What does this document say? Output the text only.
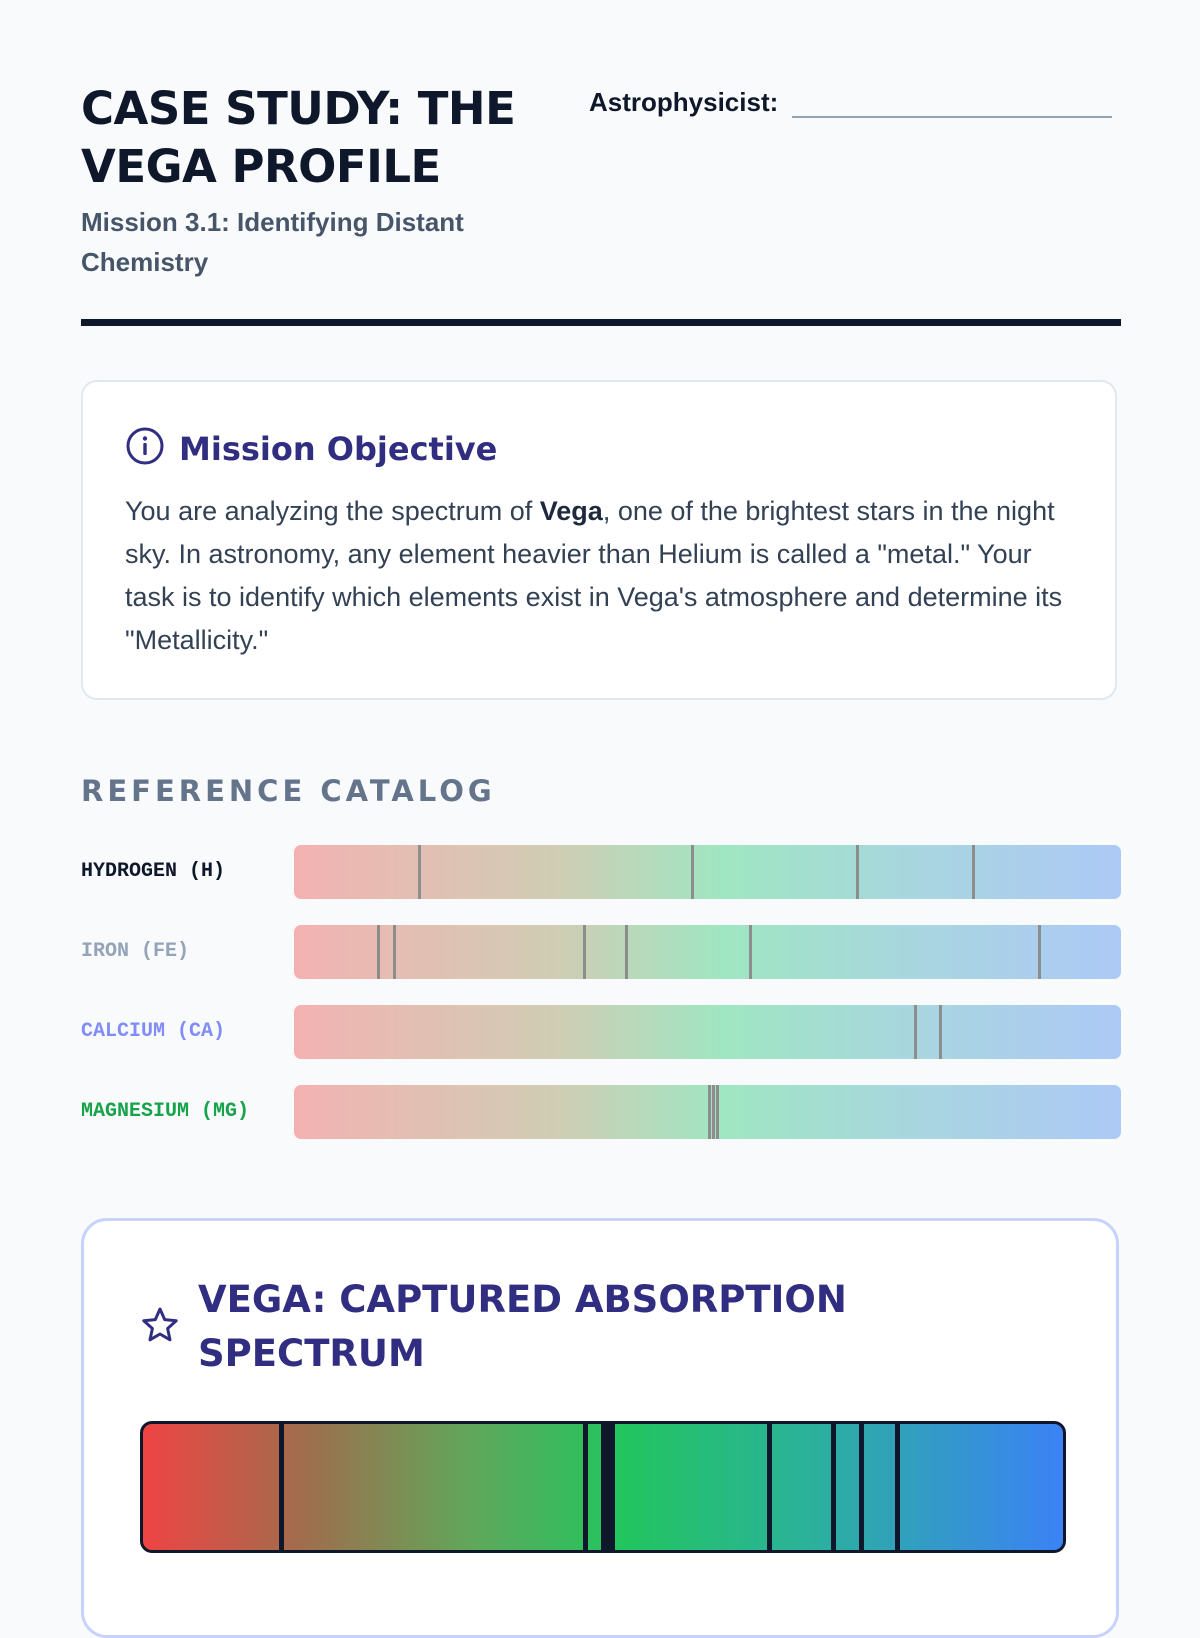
CASE STUDY: THE VEGA PROFILE

Mission 3.1: Identifying Distant Chemistry

Astrophysicist:
Mission Objective

You are analyzing the spectrum of Vega, one of the brightest stars in the night sky. In astronomy, any element heavier than Helium is called a "metal." Your task is to identify which elements exist in Vega's atmosphere and determine its "Metallicity."

REFERENCE CATALOG
HYDROGEN (H)
IRON (FE)
CALCIUM (CA)
MAGNESIUM (MG)
VEGA: CAPTURED ABSORPTION SPECTRUM
